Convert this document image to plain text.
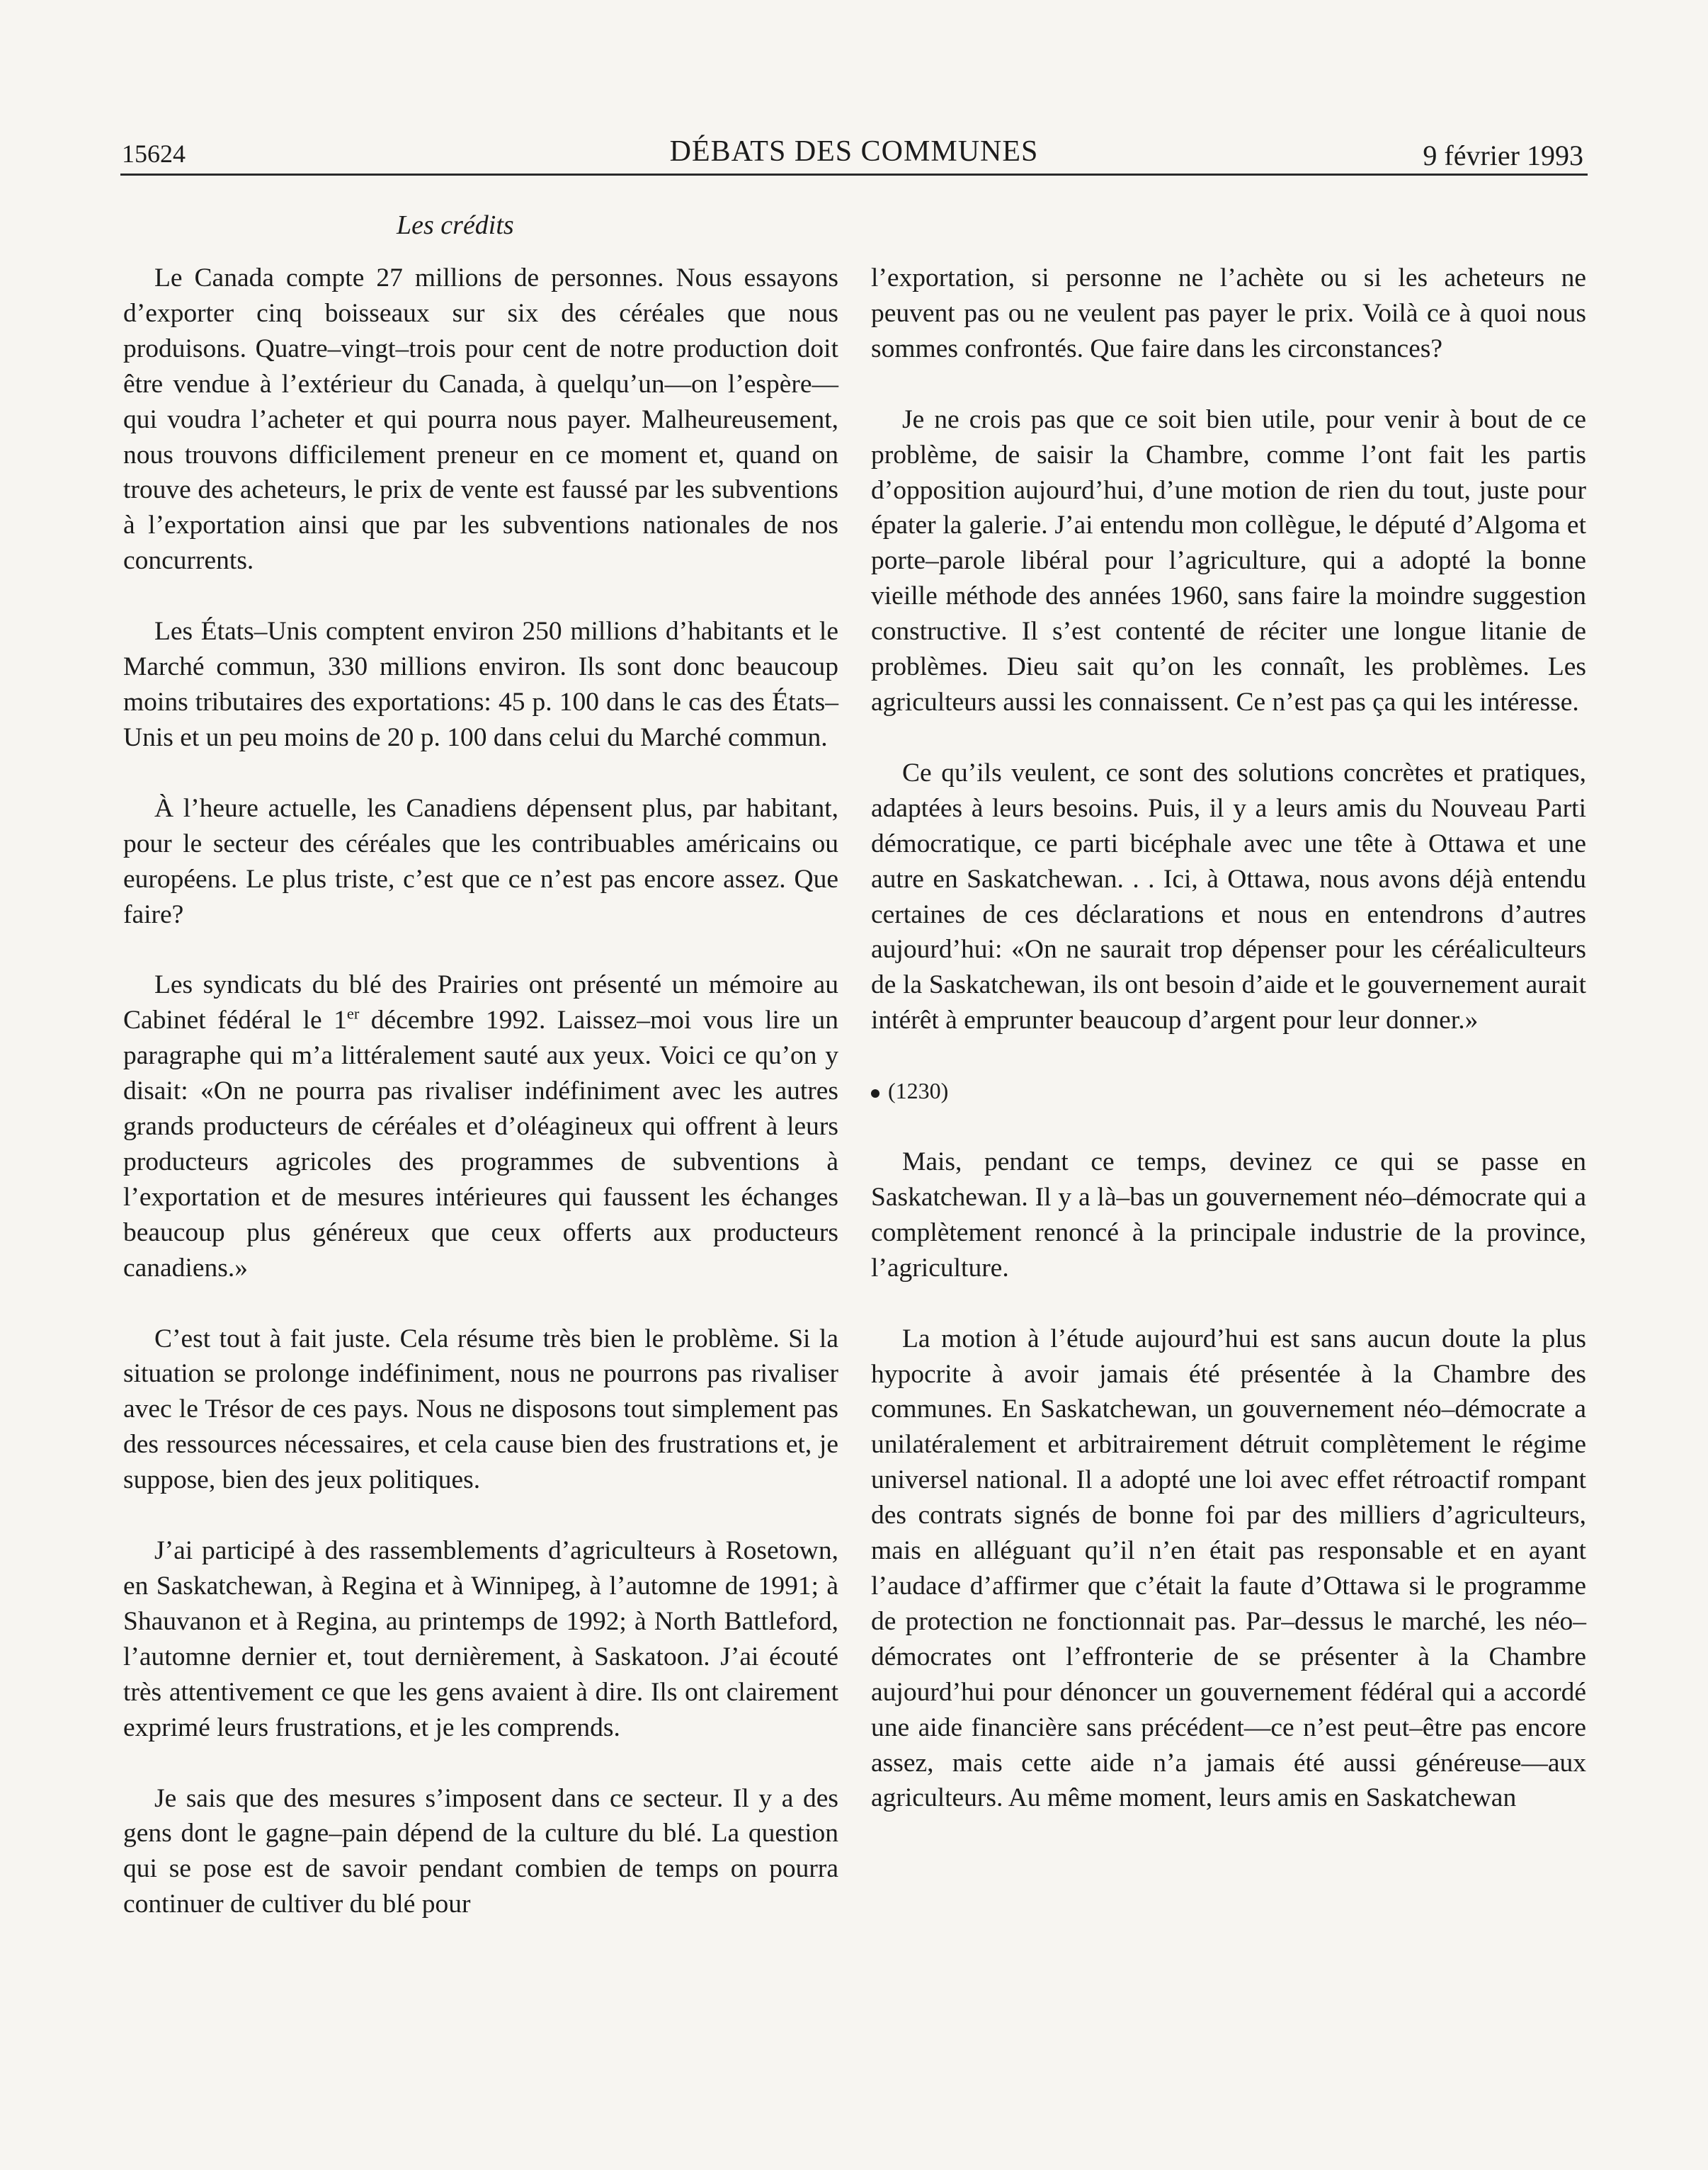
15624	DÉBATS DES COMMUNES	9 février 1993
Les crédits

Le Canada compte 27 millions de personnes. Nous essayons d’exporter cinq boisseaux sur six des céréales que nous produisons. Quatre–vingt–trois pour cent de notre production doit être vendue à l’extérieur du Canada, à quelqu’un—on l’espère—qui voudra l’acheter et qui pourra nous payer. Malheureusement, nous trouvons difficilement preneur en ce moment et, quand on trouve des acheteurs, le prix de vente est faussé par les subventions à l’exportation ainsi que par les subventions nationales de nos concurrents.

Les États–Unis comptent environ 250 millions d’habitants et le Marché commun, 330 millions environ. Ils sont donc beaucoup moins tributaires des exportations: 45 p. 100 dans le cas des États–Unis et un peu moins de 20 p. 100 dans celui du Marché commun.

À l’heure actuelle, les Canadiens dépensent plus, par habitant, pour le secteur des céréales que les contribuables américains ou européens. Le plus triste, c’est que ce n’est pas encore assez. Que faire?

Les syndicats du blé des Prairies ont présenté un mémoire au Cabinet fédéral le 1er décembre 1992. Laissez–moi vous lire un paragraphe qui m’a littéralement sauté aux yeux. Voici ce qu’on y disait: «On ne pourra pas rivaliser indéfiniment avec les autres grands producteurs de céréales et d’oléagineux qui offrent à leurs producteurs agricoles des programmes de subventions à l’exportation et de mesures intérieures qui faussent les échanges beaucoup plus généreux que ceux offerts aux producteurs canadiens.»

C’est tout à fait juste. Cela résume très bien le problème. Si la situation se prolonge indéfiniment, nous ne pourrons pas rivaliser avec le Trésor de ces pays. Nous ne disposons tout simplement pas des ressources nécessaires, et cela cause bien des frustrations et, je suppose, bien des jeux politiques.

J’ai participé à des rassemblements d’agriculteurs à Rosetown, en Saskatchewan, à Regina et à Winnipeg, à l’automne de 1991; à Shauvanon et à Regina, au printemps de 1992; à North Battleford, l’automne dernier et, tout dernièrement, à Saskatoon. J’ai écouté très attentivement ce que les gens avaient à dire. Ils ont clairement exprimé leurs frustrations, et je les comprends.

Je sais que des mesures s’imposent dans ce secteur. Il y a des gens dont le gagne–pain dépend de la culture du blé. La question qui se pose est de savoir pendant combien de temps on pourra continuer de cultiver du blé pour

l’exportation, si personne ne l’achète ou si les acheteurs ne peuvent pas ou ne veulent pas payer le prix. Voilà ce à quoi nous sommes confrontés. Que faire dans les circonstances?

Je ne crois pas que ce soit bien utile, pour venir à bout de ce problème, de saisir la Chambre, comme l’ont fait les partis d’opposition aujourd’hui, d’une motion de rien du tout, juste pour épater la galerie. J’ai entendu mon collègue, le député d’Algoma et porte–parole libéral pour l’agriculture, qui a adopté la bonne vieille méthode des années 1960, sans faire la moindre suggestion constructive. Il s’est contenté de réciter une longue litanie de problèmes. Dieu sait qu’on les connaît, les problèmes. Les agriculteurs aussi les connaissent. Ce n’est pas ça qui les intéresse.

Ce qu’ils veulent, ce sont des solutions concrètes et pratiques, adaptées à leurs besoins. Puis, il y a leurs amis du Nouveau Parti démocratique, ce parti bicéphale avec une tête à Ottawa et une autre en Saskatchewan. . . Ici, à Ottawa, nous avons déjà entendu certaines de ces déclarations et nous en entendrons d’autres aujourd’hui: «On ne saurait trop dépenser pour les céréaliculteurs de la Saskatchewan, ils ont besoin d’aide et le gouvernement aurait intérêt à emprunter beaucoup d’argent pour leur donner.»

(1230)

Mais, pendant ce temps, devinez ce qui se passe en Saskatchewan. Il y a là–bas un gouvernement néo–démocrate qui a complètement renoncé à la principale industrie de la province, l’agriculture.

La motion à l’étude aujourd’hui est sans aucun doute la plus hypocrite à avoir jamais été présentée à la Chambre des communes. En Saskatchewan, un gouvernement néo–démocrate a unilatéralement et arbitrairement détruit complètement le régime universel national. Il a adopté une loi avec effet rétroactif rompant des contrats signés de bonne foi par des milliers d’agriculteurs, mais en alléguant qu’il n’en était pas responsable et en ayant l’audace d’affirmer que c’était la faute d’Ottawa si le programme de protection ne fonctionnait pas. Par–dessus le marché, les néo–démocrates ont l’effronterie de se présenter à la Chambre aujourd’hui pour dénoncer un gouvernement fédéral qui a accordé une aide financière sans précédent—ce n’est peut–être pas encore assez, mais cette aide n’a jamais été aussi généreuse—aux agriculteurs. Au même moment, leurs amis en Saskatchewan
